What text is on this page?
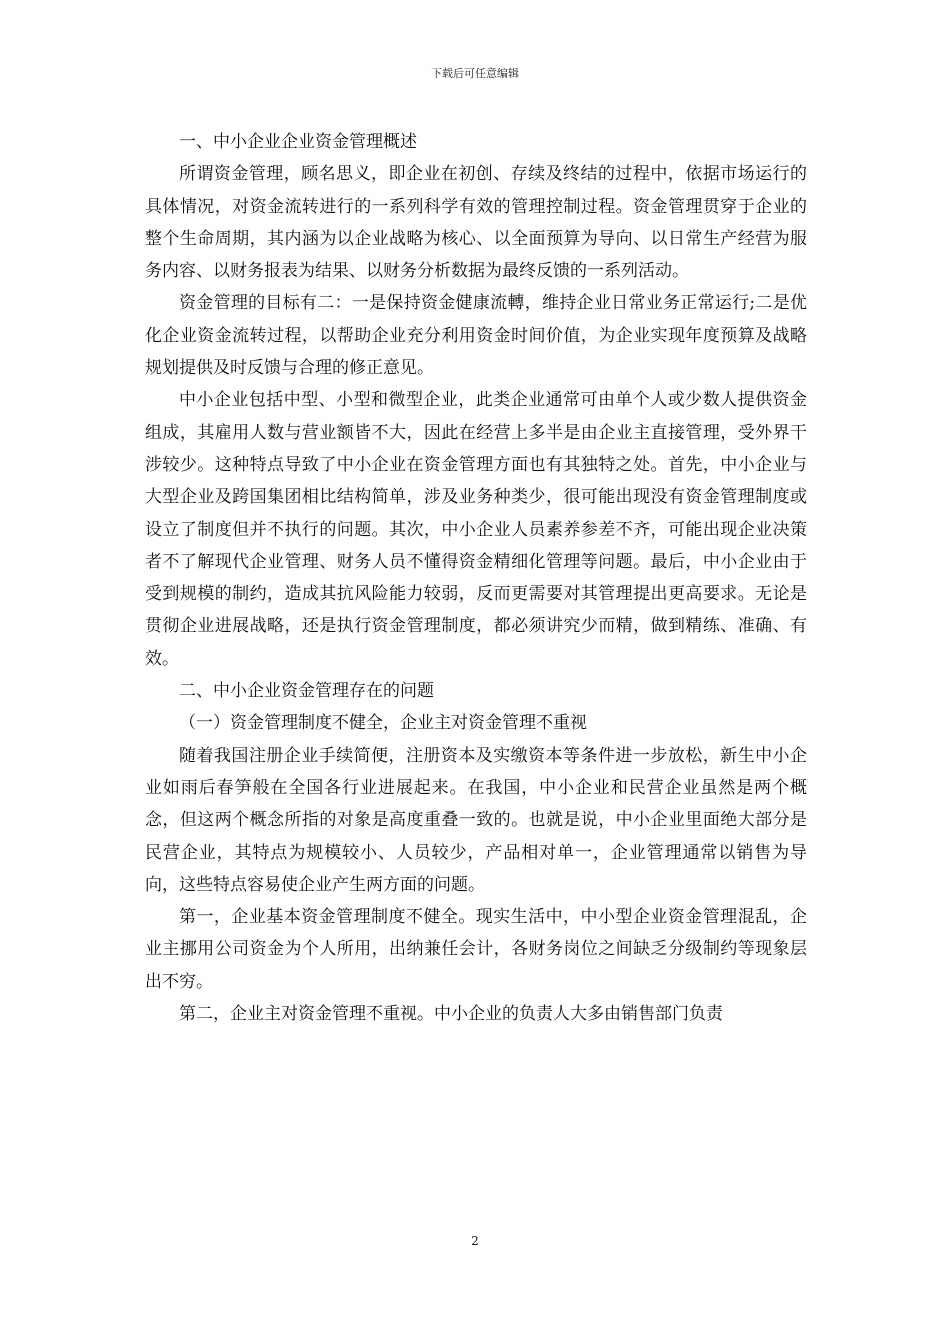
下载后可任意编辑

一、中小企业企业资金管理概述

所谓资金管理，顾名思义，即企业在初创、存续及终结的过程中，依据市场运行的具体情况，对资金流转进行的一系列科学有效的管理控制过程。资金管理贯穿于企业的整个生命周期，其内涵为以企业战略为核心、以全面预算为导向、以日常生产经营为服务内容、以财务报表为结果、以财务分析数据为最终反馈的一系列活动。

资金管理的目标有二：一是保持资金健康流轉，维持企业日常业务正常运行;二是优化企业资金流转过程，以帮助企业充分利用资金时间价值，为企业实现年度预算及战略规划提供及时反馈与合理的修正意见。

中小企业包括中型、小型和微型企业，此类企业通常可由单个人或少数人提供资金组成，其雇用人数与营业额皆不大，因此在经营上多半是由企业主直接管理，受外界干涉较少。这种特点导致了中小企业在资金管理方面也有其独特之处。首先，中小企业与大型企业及跨国集团相比结构简单，涉及业务种类少，很可能出现没有资金管理制度或设立了制度但并不执行的问题。其次，中小企业人员素养参差不齐，可能出现企业决策者不了解现代企业管理、财务人员不懂得资金精细化管理等问题。最后，中小企业由于受到规模的制约，造成其抗风险能力较弱，反而更需要对其管理提出更高要求。无论是贯彻企业进展战略，还是执行资金管理制度，都必须讲究少而精，做到精练、准确、有效。

二、中小企业资金管理存在的问题

（一）资金管理制度不健全，企业主对资金管理不重视

随着我国注册企业手续简便，注册资本及实缴资本等条件进一步放松，新生中小企业如雨后春笋般在全国各行业进展起来。在我国，中小企业和民营企业虽然是两个概念，但这两个概念所指的对象是高度重叠一致的。也就是说，中小企业里面绝大部分是民营企业，其特点为规模较小、人员较少，产品相对单一，企业管理通常以销售为导向，这些特点容易使企业产生两方面的问题。

第一，企业基本资金管理制度不健全。现实生活中，中小型企业资金管理混乱，企业主挪用公司资金为个人所用，出纳兼任会计，各财务岗位之间缺乏分级制约等现象层出不穷。

第二，企业主对资金管理不重视。中小企业的负责人大多由销售部门负责

2
